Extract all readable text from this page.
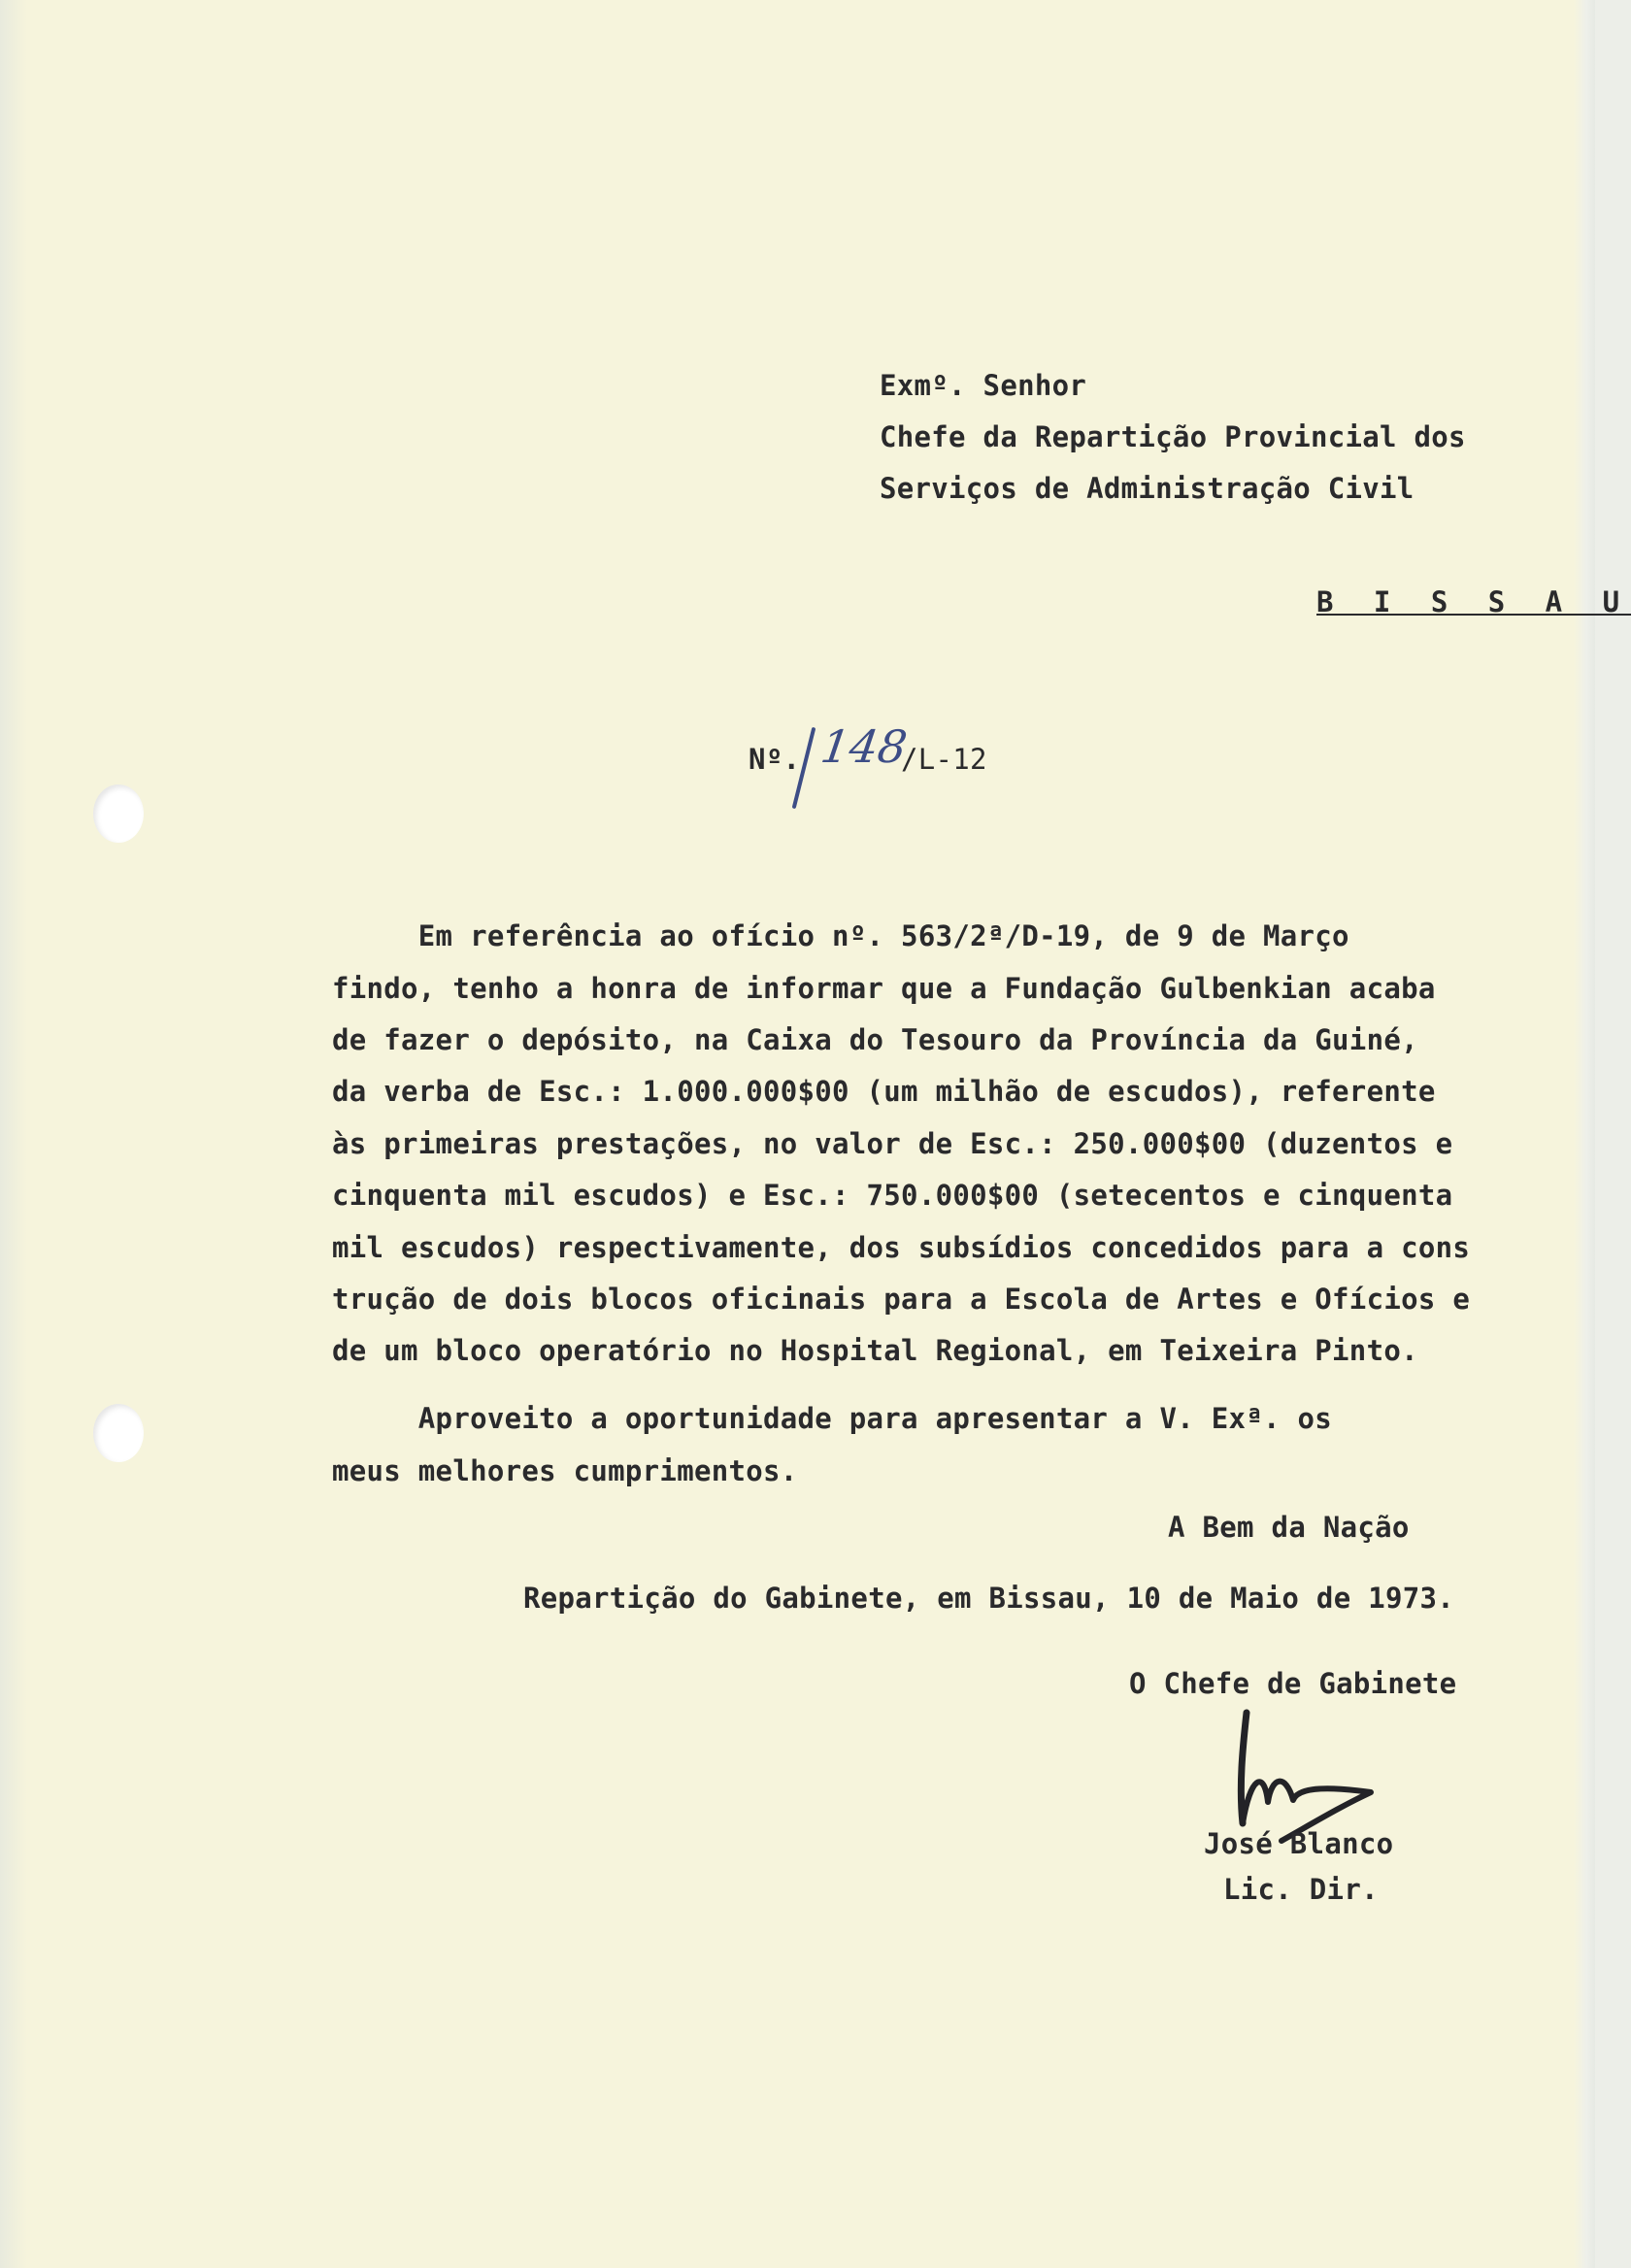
Exmº. Senhor

Chefe da Repartição Provincial dos

Serviços de Administração Civil

B I S S A U

Nº. 148

/L-12

Em referência ao ofício nº. 563/2ª/D-19, de 9 de Março

findo, tenho a honra de informar que a Fundação Gulbenkian acaba

de fazer o depósito, na Caixa do Tesouro da Província da Guiné,

da verba de Esc.: 1.000.000$00 (um milhão de escudos), referente

às primeiras prestações, no valor de Esc.: 250.000$00 (duzentos e

cinquenta mil escudos) e Esc.: 750.000$00 (setecentos e cinquenta

mil escudos) respectivamente, dos subsídios concedidos para a cons

trução de dois blocos oficinais para a Escola de Artes e Ofícios e

de um bloco operatório no Hospital Regional, em Teixeira Pinto.

Aproveito a oportunidade para apresentar a V. Exª. os

meus melhores cumprimentos.

A Bem da Nação

Repartição do Gabinete, em Bissau, 10 de Maio de 1973.

O Chefe de Gabinete

José Blanco

Lic. Dir.
